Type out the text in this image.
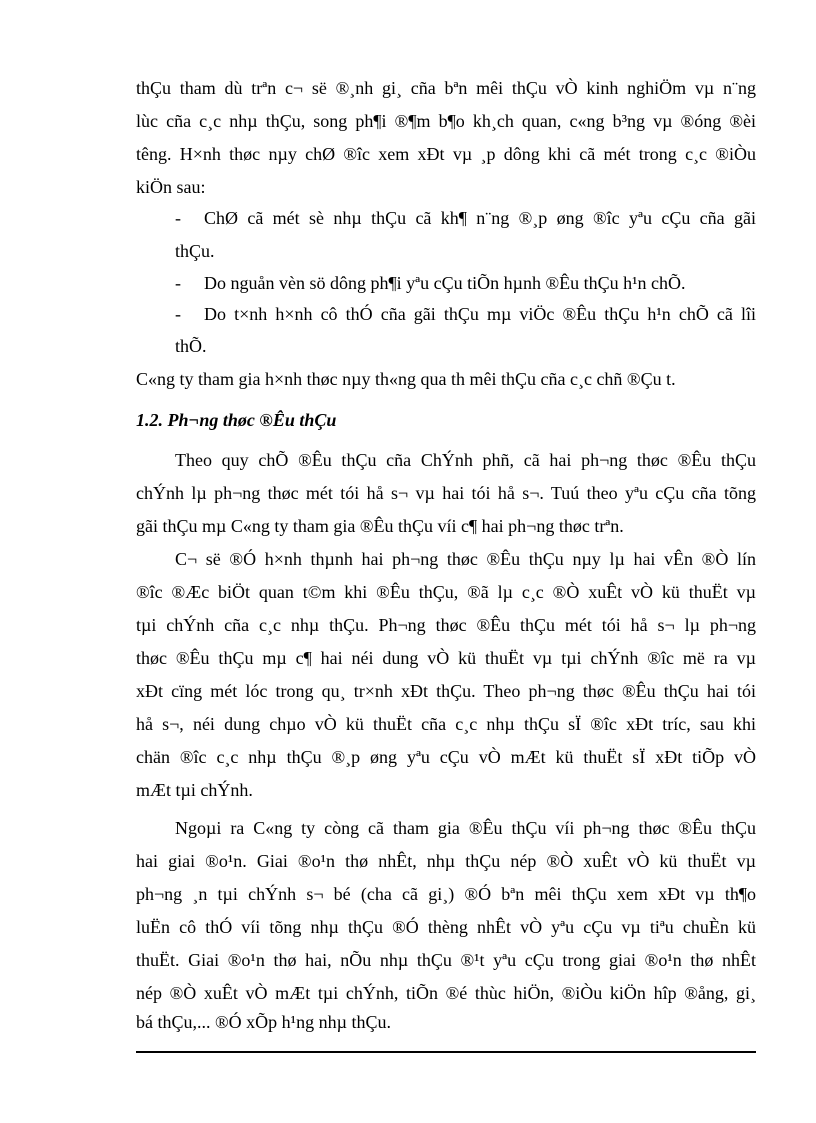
thÇu tham dù trªn c¬ së ®¸nh gi¸ cña bªn mêi thÇu vÒ kinh nghiÖm vµ n¨ng
lùc cña c¸c nhµ thÇu, song ph¶i ®¶m b¶o kh¸ch quan, c«ng b³ng vµ ®óng ®èi
têng. H×nh thøc nµy chØ ®îc xem xÐt vµ ¸p dông khi cã mét trong c¸c ®iÒu
kiÖn sau:
- ChØ cã mét sè nhµ thÇu cã kh¶ n¨ng ®¸p øng ®îc yªu cÇu cña gãi
thÇu.
- Do nguån vèn sö dông ph¶i yªu cÇu tiÕn hµnh ®Êu thÇu h¹n chÕ.
- Do t×nh h×nh cô thÓ cña gãi thÇu mµ viÖc ®Êu thÇu h¹n chÕ cã lîi
thÕ.
C«ng ty tham gia h×nh thøc nµy th«ng qua th mêi thÇu cña c¸c chñ ®Çu t.
1.2. Ph¬ng thøc ®Êu thÇu
Theo quy chÕ ®Êu thÇu cña ChÝnh phñ, cã hai ph¬ng thøc ®Êu thÇu
chÝnh lµ ph¬ng thøc mét tói hå s¬ vµ hai tói hå s¬. Tuú theo yªu cÇu cña tõng
gãi thÇu mµ C«ng ty tham gia ®Êu thÇu víi c¶ hai ph¬ng thøc trªn.
C¬ së ®Ó h×nh thµnh hai ph¬ng thøc ®Êu thÇu nµy lµ hai vÊn ®Ò lín
®îc ®Æc biÖt quan t©m khi ®Êu thÇu, ®ã lµ c¸c ®Ò xuÊt vÒ kü thuËt vµ
tµi chÝnh cña c¸c nhµ thÇu. Ph¬ng thøc ®Êu thÇu mét tói hå s¬ lµ ph¬ng
thøc ®Êu thÇu mµ c¶ hai néi dung vÒ kü thuËt vµ tµi chÝnh ®îc më ra vµ
xÐt cïng mét lóc trong qu¸ tr×nh xÐt thÇu. Theo ph¬ng thøc ®Êu thÇu hai tói
hå s¬, néi dung chµo vÒ kü thuËt cña c¸c nhµ thÇu sÏ ®îc xÐt tríc, sau khi
chän ®îc c¸c nhµ thÇu ®¸p øng yªu cÇu vÒ mÆt kü thuËt sÏ xÐt tiÕp vÒ
mÆt tµi chÝnh.
Ngoµi ra C«ng ty còng cã tham gia ®Êu thÇu víi ph¬ng thøc ®Êu thÇu
hai giai ®o¹n. Giai ®o¹n thø nhÊt, nhµ thÇu nép ®Ò xuÊt vÒ kü thuËt vµ
ph¬ng ¸n tµi chÝnh s¬ bé (cha cã gi¸) ®Ó bªn mêi thÇu xem xÐt vµ th¶o
luËn cô thÓ víi tõng nhµ thÇu ®Ó thèng nhÊt vÒ yªu cÇu vµ tiªu chuÈn kü
thuËt. Giai ®o¹n thø hai, nÕu nhµ thÇu ®¹t yªu cÇu trong giai ®o¹n thø nhÊt
nép ®Ò xuÊt vÒ mÆt tµi chÝnh, tiÕn ®é thùc hiÖn, ®iÒu kiÖn hîp ®ång, gi¸
bá thÇu,... ®Ó xÕp h¹ng nhµ thÇu.
